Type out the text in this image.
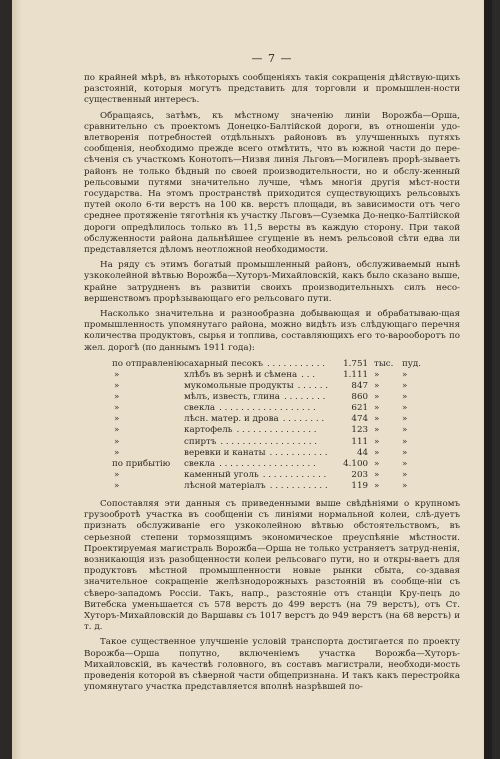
— 7 —

по крайней мѣрѣ, въ нѣкоторыхъ сообщеніяхъ такія сокращенія дѣйствую-щихъ разстояній, которыя могутъ представить для торговли и промышлен-ности существенный интересъ.

Обращаясь, затѣмъ, къ мѣстному значенію линіи Ворожба—Орша, сравнительно съ проектомъ Донецко-Балтійской дороги, въ отношеніи удо-влетворенія потребностей отдѣльныхъ районовъ въ улучшенныхъ путяхъ сообщенія, необходимо прежде всего отмѣтить, что въ южной части до пере-сѣченія съ участкомъ Конотопъ—Низвя линія Льговъ—Могилевъ прорѣ-зываетъ районъ не только бѣдный по своей производительности, но и обслу-женный рельсовыми путями значительно лучше, чѣмъ многія другія мѣст-ности государства. На этомъ пространствѣ приходится существующихъ рельсовыхъ путей около 6-ти верстъ на 100 кв. верстъ площади, въ зависимости отъ чего среднее протяженіе тяготѣнія къ участку Льговъ—Суземка До-нецко-Балтійской дороги опредѣлилось только въ 11,5 версты въ каждую сторону. При такой обслуженности района дальнѣйшее сгущеніе въ немъ рельсовой сѣти едва ли представляется дѣломъ неотложной необходимости.

На ряду съ этимъ богатый промышленный районъ, обслуживаемый нынѣ узкоколейной вѣтвью Ворожба—Хуторъ-Михайловскій, какъ было сказано выше, крайне затрудненъ въ развитіи своихъ производительныхъ силъ несо-вершенствомъ прорѣзывающаго его рельсоваго пути.

Насколько значительна и разнообразна добывающая и обрабатываю-щая промышленность упомянутаго района, можно видѣть изъ слѣдующаго перечня количества продуктовъ, сырья и топлива, составляющихъ его то-варооборотъ по жел. дорогѣ (по даннымъ 1911 года):

по отправленію	сахарный песокъ . . . . . . . . . . .	1.751	тыс.	пуд.
»	хлѣбъ въ зернѣ и сѣмена . . .	1.111	»	»
»	мукомольные продукты . . . . . .	847	»	»
»	мѣлъ, известь, глина . . . . . . . .	860	»	»
»	свекла . . . . . . . . . . . . . . . . . .	621	»	»
»	лѣсн. матер. и дрова . . . . . . . .	474	»	»
»	картофель . . . . . . . . . . . . . . .	123	»	»
»	спиртъ . . . . . . . . . . . . . . . . . .	111	»	»
»	веревки и канаты . . . . . . . . . . .	44	»	»
по прибытію	свекла . . . . . . . . . . . . . . . . . .	4.100	»	»
»	каменный уголь . . . . . . . . . . . .	203	»	»
»	лѣсной матеріалъ . . . . . . . . . . .	119	»	»

Сопоставляя эти данныя съ приведенными выше свѣдѣніями о крупномъ грузообротѣ участка въ сообщеніи съ линіями нормальной колеи, слѣ-дуетъ признать обслуживаніе его узкоколейною вѣтвью обстоятельствомъ, въ серьезной степени тормозящимъ экономическое преуспѣяніе мѣстности. Проектируемая магистраль Ворожба—Орша не только устраняетъ затруд-ненія, возникающія изъ разобщенности колеи рельсоваго пути, но и откры-ваетъ для продуктовъ мѣстной промышленности новые рынки сбыта, со-здавая значительное сокращеніе желѣзнодорожныхъ разстояній въ сообще-ніи съ сѣверо-западомъ Россіи. Такъ, напр., разстояніе отъ станціи Кру-пецъ до Витебска уменьшается съ 578 верстъ до 499 верстъ (на 79 верстъ), отъ Ст. Хуторъ-Михайловскій до Варшавы съ 1017 верстъ до 949 верстъ (на 68 верстъ) и т. д.

Такое существенное улучшеніе условій транспорта достигается по проекту Ворожба—Орша попутно, включеніемъ участка Ворожба—Хуторъ-Михайловскій, въ качествѣ головного, въ составъ магистрали, необходи-мость проведенія которой въ сѣверной части общепризнана. И такъ какъ перестройка упомянутаго участка представляется вполнѣ назрѣвшей по-
